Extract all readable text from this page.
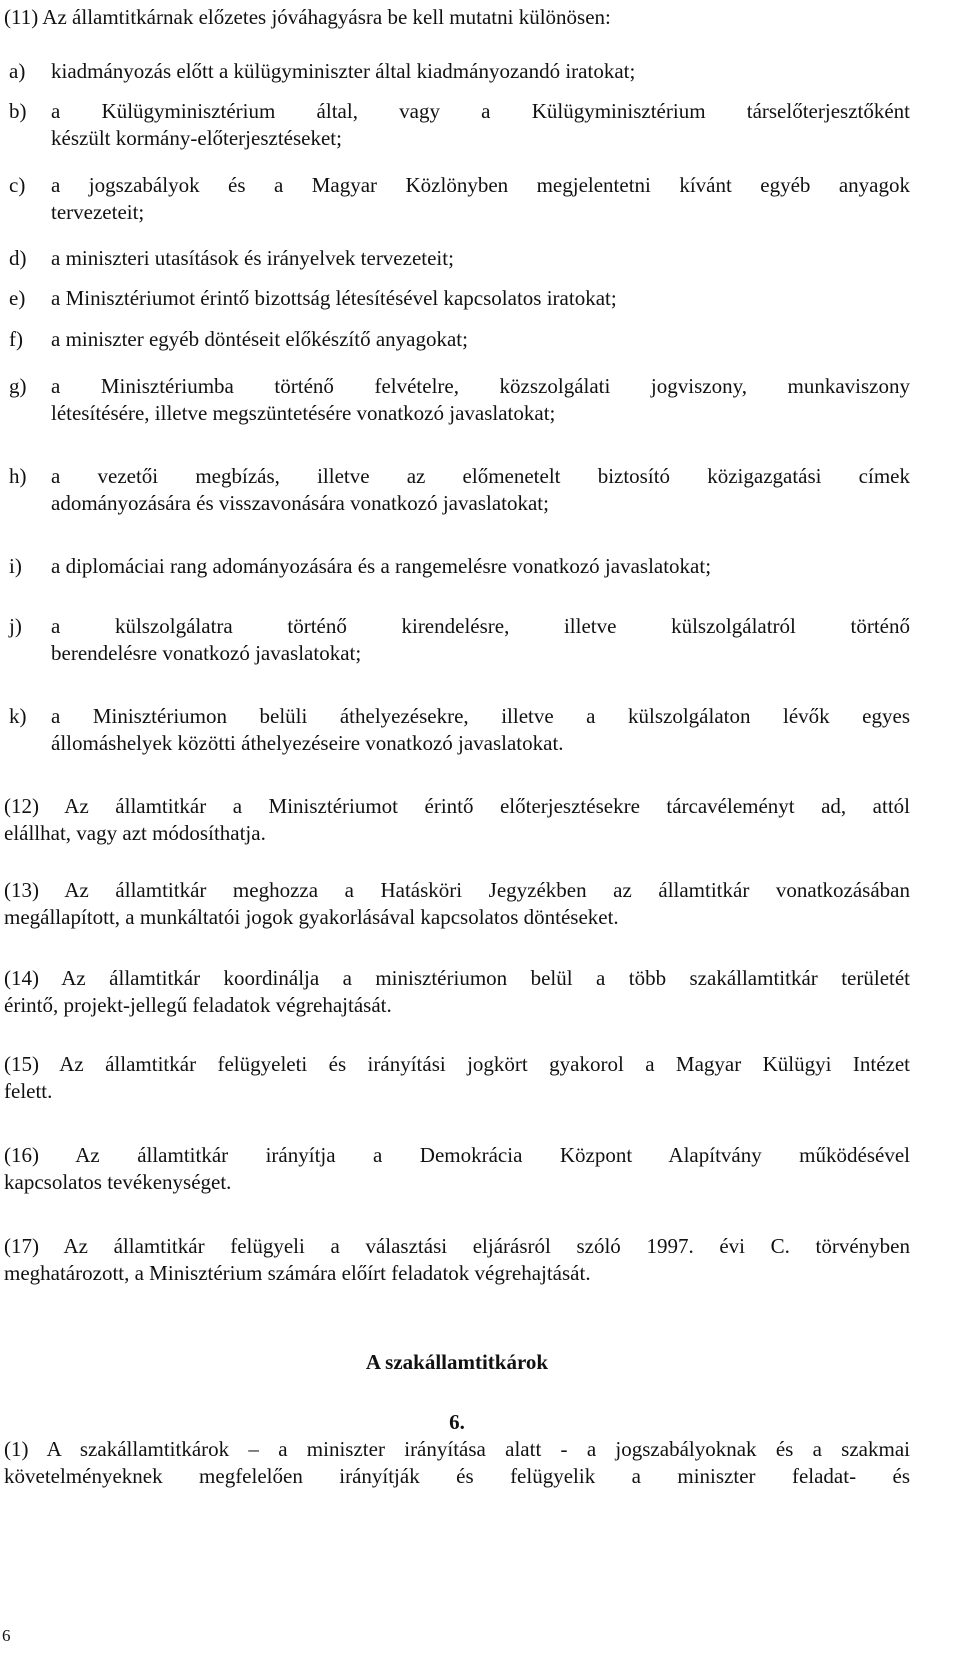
(11) Az államtitkárnak előzetes jóváhagyásra be kell mutatni különösen:

a)	kiadmányozás előtt a külügyminiszter által kiadmányozandó iratokat;
b)	a Külügyminisztérium által, vagy a Külügyminisztérium társelőterjesztőként
készült kormány-előterjesztéseket;
c)	a jogszabályok és a Magyar Közlönyben megjelentetni kívánt egyéb anyagok
tervezeteit;
d)	a miniszteri utasítások és irányelvek tervezeteit;
e)	a Minisztériumot érintő bizottság létesítésével kapcsolatos iratokat;
f)	a miniszter egyéb döntéseit előkészítő anyagokat;
g)	a Minisztériumba történő felvételre, közszolgálati jogviszony, munkaviszony
létesítésére, illetve megszüntetésére vonatkozó javaslatokat;
h)	a vezetői megbízás, illetve az előmenetelt biztosító közigazgatási címek
adományozására és visszavonására vonatkozó javaslatokat;
i)	a diplomáciai rang adományozására és a rangemelésre vonatkozó javaslatokat;
j)	a külszolgálatra történő kirendelésre, illetve külszolgálatról történő
berendelésre vonatkozó javaslatokat;
k)	a Minisztériumon belüli áthelyezésekre, illetve a külszolgálaton lévők egyes
állomáshelyek közötti áthelyezéseire vonatkozó javaslatokat.
(12) Az államtitkár a Minisztériumot érintő előterjesztésekre tárcavéleményt ad, attól
elállhat, vagy azt módosíthatja.
(13) Az államtitkár meghozza a Hatásköri Jegyzékben az államtitkár vonatkozásában
megállapított, a munkáltatói jogok gyakorlásával kapcsolatos döntéseket.
(14) Az államtitkár koordinálja a minisztériumon belül a több szakállamtitkár területét
érintő, projekt-jellegű feladatok végrehajtását.
(15) Az államtitkár felügyeleti és irányítási jogkört gyakorol a Magyar Külügyi Intézet
felett.
(16) Az államtitkár irányítja a Demokrácia Központ Alapítvány működésével
kapcsolatos tevékenységet.
(17) Az államtitkár felügyeli a választási eljárásról szóló 1997. évi C. törvényben
meghatározott, a Minisztérium számára előírt feladatok végrehajtását.
A szakállamtitkárok
6.
(1) A szakállamtitkárok – a miniszter irányítása alatt - a jogszabályoknak és a szakmai
követelményeknek megfelelően irányítják és felügyelik a miniszter feladat- és
6
